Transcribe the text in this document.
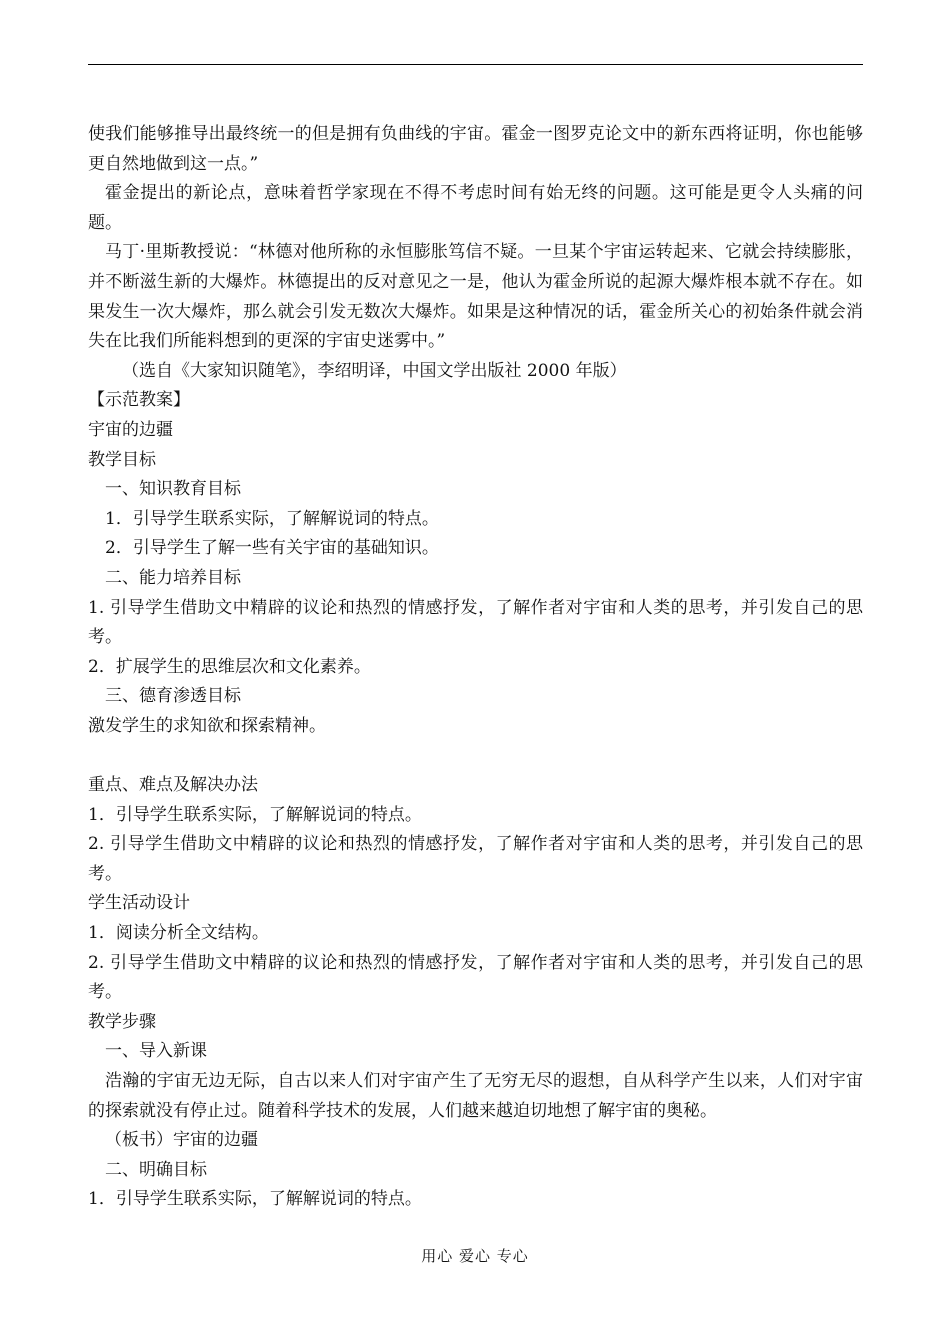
使我们能够推导出最终统一的但是拥有负曲线的宇宙。霍金一图罗克论文中的新东西将证明，你也能够更自然地做到这一点。”

霍金提出的新论点，意味着哲学家现在不得不考虑时间有始无终的问题。这可能是更令人头痛的问题。

马丁·里斯教授说：“林德对他所称的永恒膨胀笃信不疑。一旦某个宇宙运转起来、它就会持续膨胀，并不断滋生新的大爆炸。林德提出的反对意见之一是，他认为霍金所说的起源大爆炸根本就不存在。如果发生一次大爆炸，那么就会引发无数次大爆炸。如果是这种情况的话，霍金所关心的初始条件就会消失在比我们所能料想到的更深的宇宙史迷雾中。”

（选自《大家知识随笔》，李绍明译，中国文学出版社 2000 年版）

【示范教案】

宇宙的边疆

教学目标

一、知识教育目标

1．引导学生联系实际，了解解说词的特点。

2．引导学生了解一些有关宇宙的基础知识。

二、能力培养目标

1. 引导学生借助文中精辟的议论和热烈的情感抒发，了解作者对宇宙和人类的思考，并引发自己的思考。

2．扩展学生的思维层次和文化素养。

三、德育渗透目标

激发学生的求知欲和探索精神。

重点、难点及解决办法

1．引导学生联系实际，了解解说词的特点。

2. 引导学生借助文中精辟的议论和热烈的情感抒发，了解作者对宇宙和人类的思考，并引发自己的思考。

学生活动设计

1．阅读分析全文结构。

2. 引导学生借助文中精辟的议论和热烈的情感抒发，了解作者对宇宙和人类的思考，并引发自己的思考。

教学步骤

一、导入新课

浩瀚的宇宙无边无际，自古以来人们对宇宙产生了无穷无尽的遐想，自从科学产生以来，人们对宇宙的探索就没有停止过。随着科学技术的发展，人们越来越迫切地想了解宇宙的奥秘。

（板书）宇宙的边疆

二、明确目标

1．引导学生联系实际，了解解说词的特点。

用心 爱心 专心
